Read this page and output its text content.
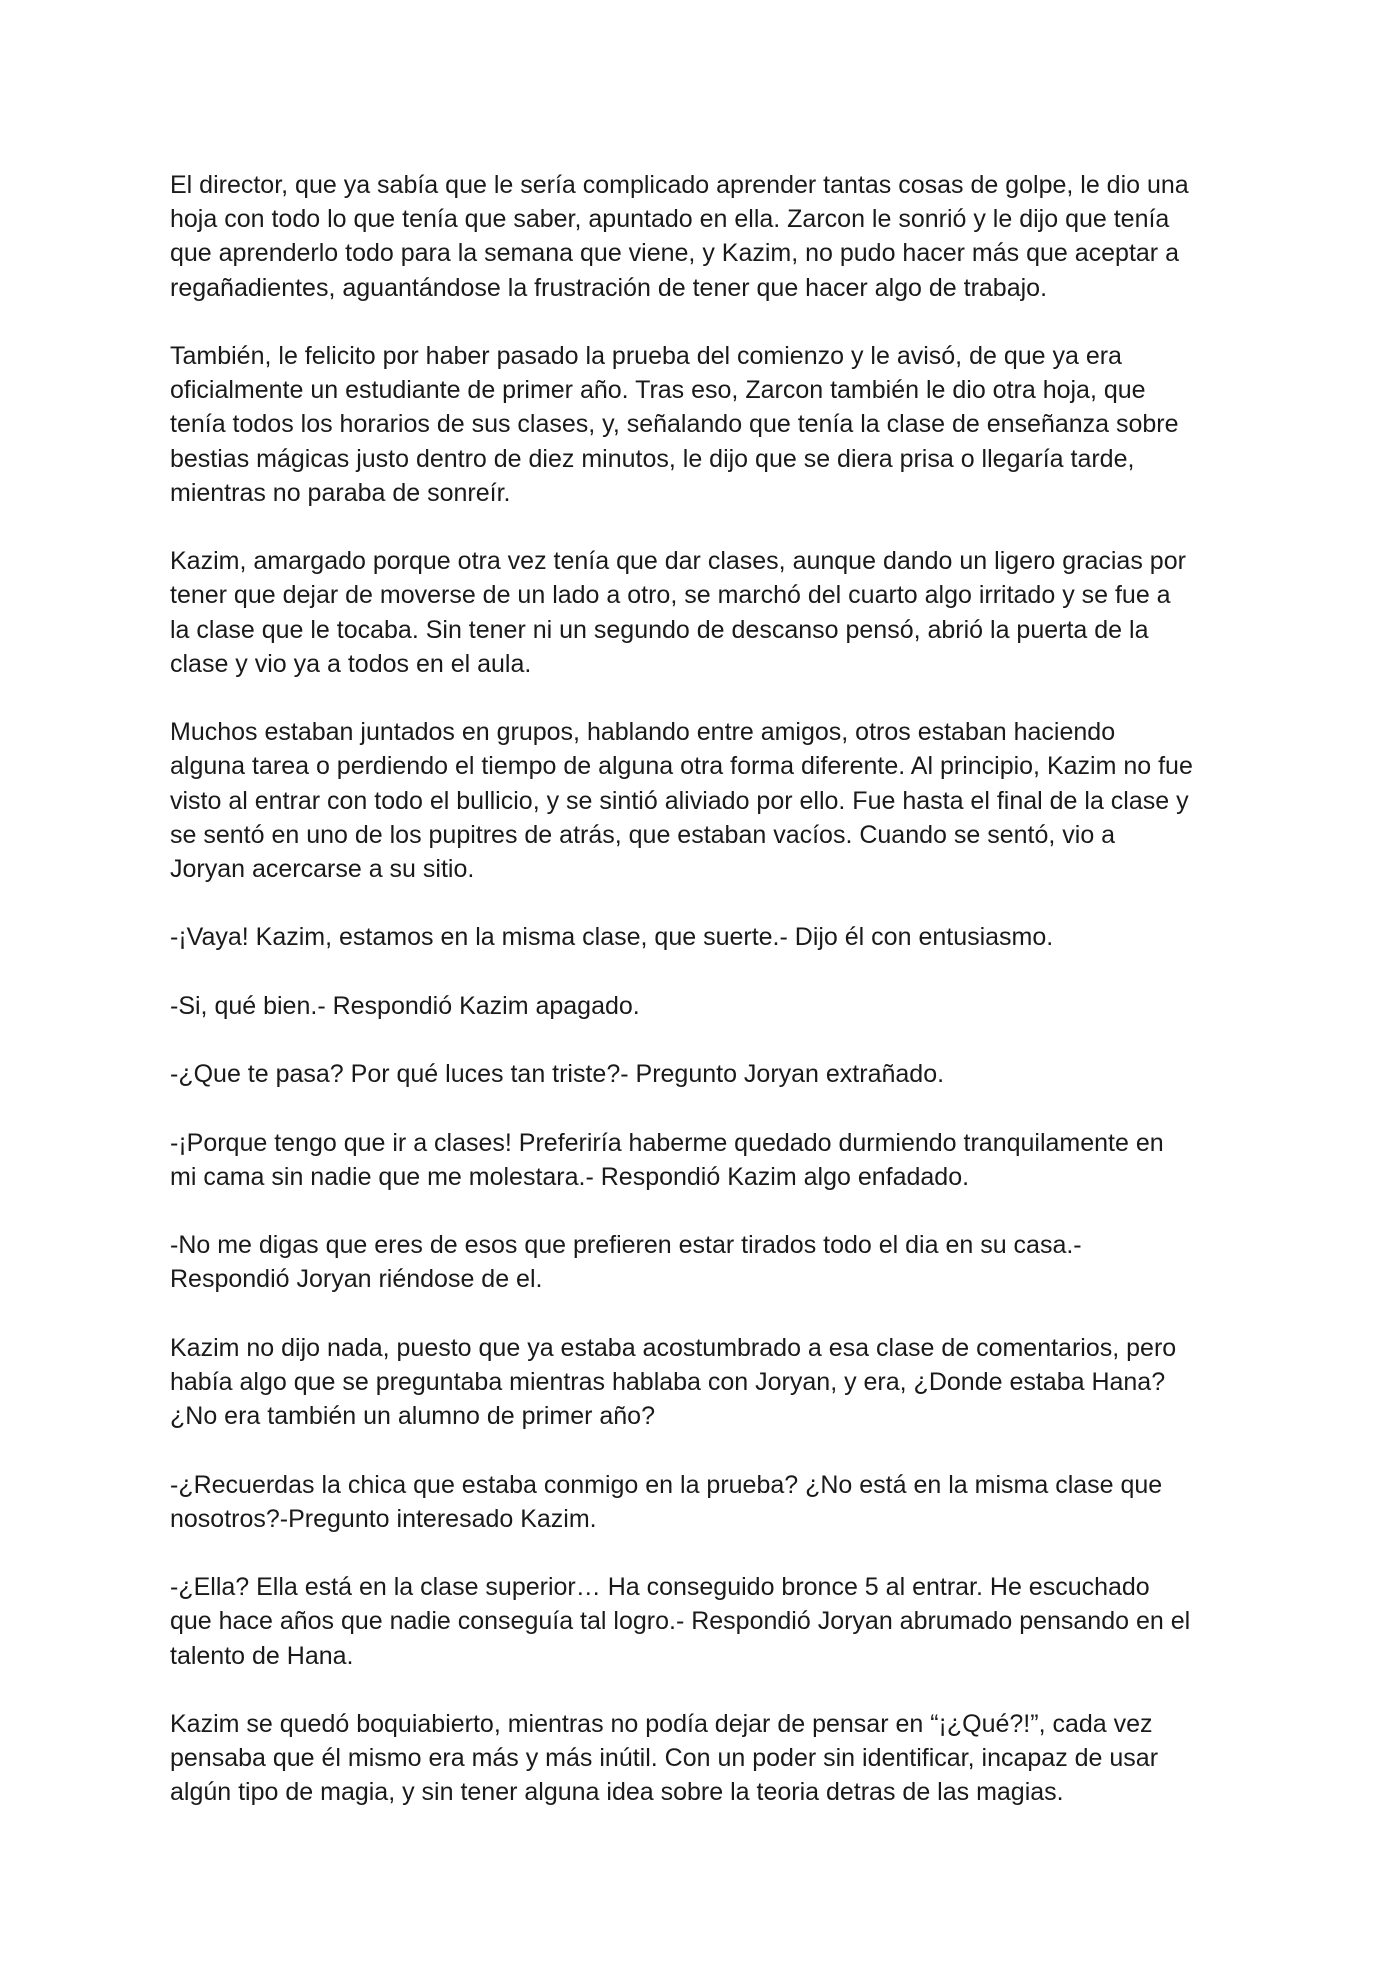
El director, que ya sabía que le sería complicado aprender tantas cosas de golpe, le dio una
hoja con todo lo que tenía que saber, apuntado en ella. Zarcon le sonrió y le dijo que tenía
que aprenderlo todo para la semana que viene, y Kazim, no pudo hacer más que aceptar a
regañadientes, aguantándose la frustración de tener que hacer algo de trabajo.

También, le felicito por haber pasado la prueba del comienzo y le avisó, de que ya era
oficialmente un estudiante de primer año. Tras eso, Zarcon también le dio otra hoja, que
tenía todos los horarios de sus clases, y, señalando que tenía la clase de enseñanza sobre
bestias mágicas justo dentro de diez minutos, le dijo que se diera prisa o llegaría tarde,
mientras no paraba de sonreír.

Kazim, amargado porque otra vez tenía que dar clases, aunque dando un ligero gracias por
tener que dejar de moverse de un lado a otro, se marchó del cuarto algo irritado y se fue a
la clase que le tocaba. Sin tener ni un segundo de descanso pensó, abrió la puerta de la
clase y vio ya a todos en el aula.

Muchos estaban juntados en grupos, hablando entre amigos, otros estaban haciendo
alguna tarea o perdiendo el tiempo de alguna otra forma diferente. Al principio, Kazim no fue
visto al entrar con todo el bullicio, y se sintió aliviado por ello. Fue hasta el final de la clase y
se sentó en uno de los pupitres de atrás, que estaban vacíos. Cuando se sentó, vio a
Joryan acercarse a su sitio.

-¡Vaya! Kazim, estamos en la misma clase, que suerte.- Dijo él con entusiasmo.

-Si, qué bien.- Respondió Kazim apagado.

-¿Que te pasa? Por qué luces tan triste?- Pregunto Joryan extrañado.

-¡Porque tengo que ir a clases! Preferiría haberme quedado durmiendo tranquilamente en
mi cama sin nadie que me molestara.- Respondió Kazim algo enfadado.

-No me digas que eres de esos que prefieren estar tirados todo el dia en su casa.-
Respondió Joryan riéndose de el.

Kazim no dijo nada, puesto que ya estaba acostumbrado a esa clase de comentarios, pero
había algo que se preguntaba mientras hablaba con Joryan, y era, ¿Donde estaba Hana?
¿No era también un alumno de primer año?

-¿Recuerdas la chica que estaba conmigo en la prueba? ¿No está en la misma clase que
nosotros?-Pregunto interesado Kazim.

-¿Ella? Ella está en la clase superior… Ha conseguido bronce 5 al entrar. He escuchado
que hace años que nadie conseguía tal logro.- Respondió Joryan abrumado pensando en el
talento de Hana.

Kazim se quedó boquiabierto, mientras no podía dejar de pensar en “¡¿Qué?!”, cada vez
pensaba que él mismo era más y más inútil. Con un poder sin identificar, incapaz de usar
algún tipo de magia, y sin tener alguna idea sobre la teoria detras de las magias.
